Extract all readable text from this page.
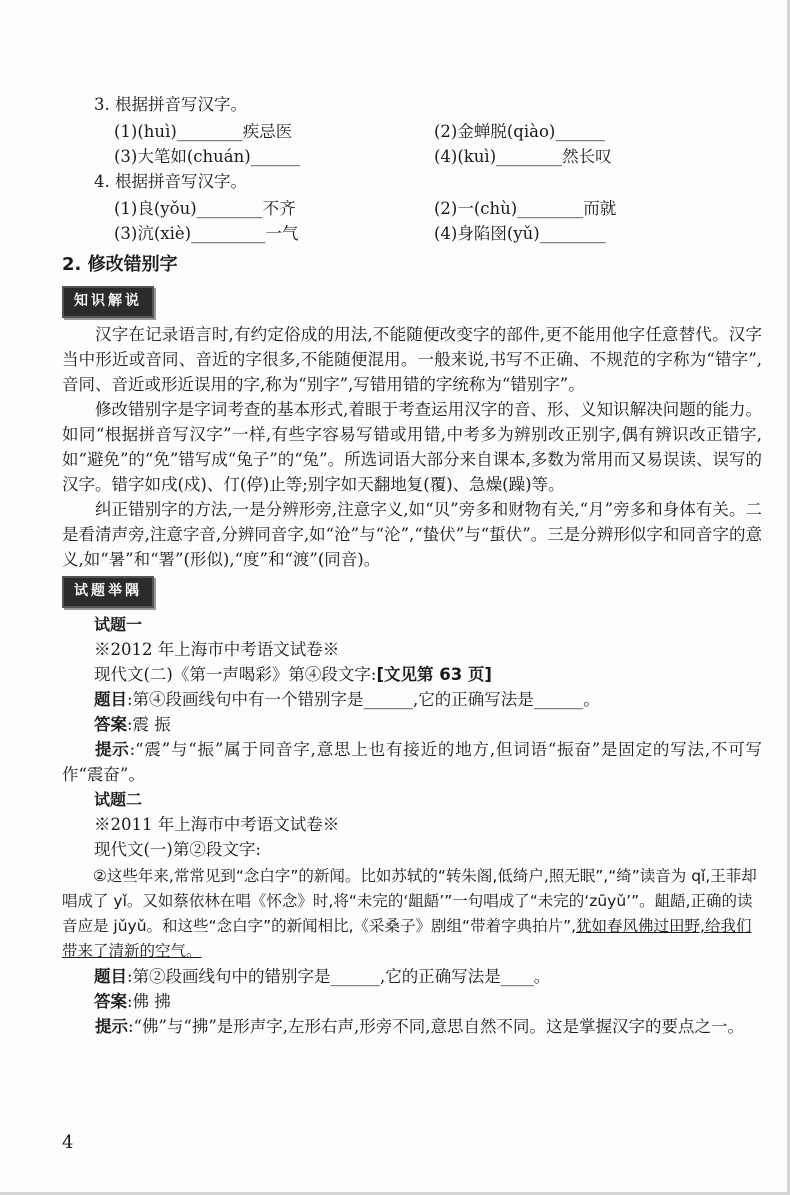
3. 根据拼音写汉字。
(1)(huì)________疾忌医	(2)金蝉脱(qiào)______
(3)大笔如(chuán)______	(4)(kuì)________然长叹
4. 根据拼音写汉字。
(1)良(yǒu)________不齐	(2)一(chù)________而就
(3)沆(xiè)_________一气	(4)身陷囹(yǔ)________
2. 修改错别字
知识解说

汉字在记录语言时,有约定俗成的用法,不能随便改变字的部件,更不能用他字任意替代。汉字当中形近或音同、音近的字很多,不能随便混用。一般来说,书写不正确、不规范的字称为“错字”,音同、音近或形近误用的字,称为“别字”,写错用错的字统称为“错别字”。

修改错别字是字词考查的基本形式,着眼于考查运用汉字的音、形、义知识解决问题的能力。如同“根据拼音写汉字”一样,有些字容易写错或用错,中考多为辨别改正别字,偶有辨识改正错字,如“避免”的“免”错写成“兔子”的“兔”。所选词语大部分来自课本,多数为常用而又易误读、误写的汉字。错字如戌(戍)、仃(停)止等;别字如天翻地复(覆)、急燥(躁)等。

纠正错别字的方法,一是分辨形旁,注意字义,如“贝”旁多和财物有关,“月”旁多和身体有关。二是看清声旁,注意字音,分辨同音字,如“沧”与“沦”,“蛰伏”与“蜇伏”。三是分辨形似字和同音字的意义,如“暑”和“署”(形似),“度”和“渡”(同音)。

试题举隅
试题一
※2012 年上海市中考语文试卷※
现代文(二)《第一声喝彩》第④段文字:[文见第 63 页]
题目:第④段画线句中有一个错别字是______,它的正确写法是______。
答案:震 振

提示:“震”与“振”属于同音字,意思上也有接近的地方,但词语“振奋”是固定的写法,不可写作“震奋”。

试题二
※2011 年上海市中考语文试卷※
现代文(一)第②段文字:

②这些年来,常常见到“念白字”的新闻。比如苏轼的“转朱阁,低绮户,照无眠”,“绮”读音为 qǐ,王菲却唱成了 yǐ。又如蔡依林在唱《怀念》时,将“未完的‘龃龉’”一句唱成了“未完的‘zūyǔ’”。龃龉,正确的读音应是 jǔyǔ。和这些“念白字”的新闻相比,《采桑子》剧组“带着字典拍片”,犹如春风佛过田野,给我们带来了清新的空气。

题目:第②段画线句中的错别字是______,它的正确写法是____。
答案:佛 拂

提示:“佛”与“拂”是形声字,左形右声,形旁不同,意思自然不同。这是掌握汉字的要点之一。

4
